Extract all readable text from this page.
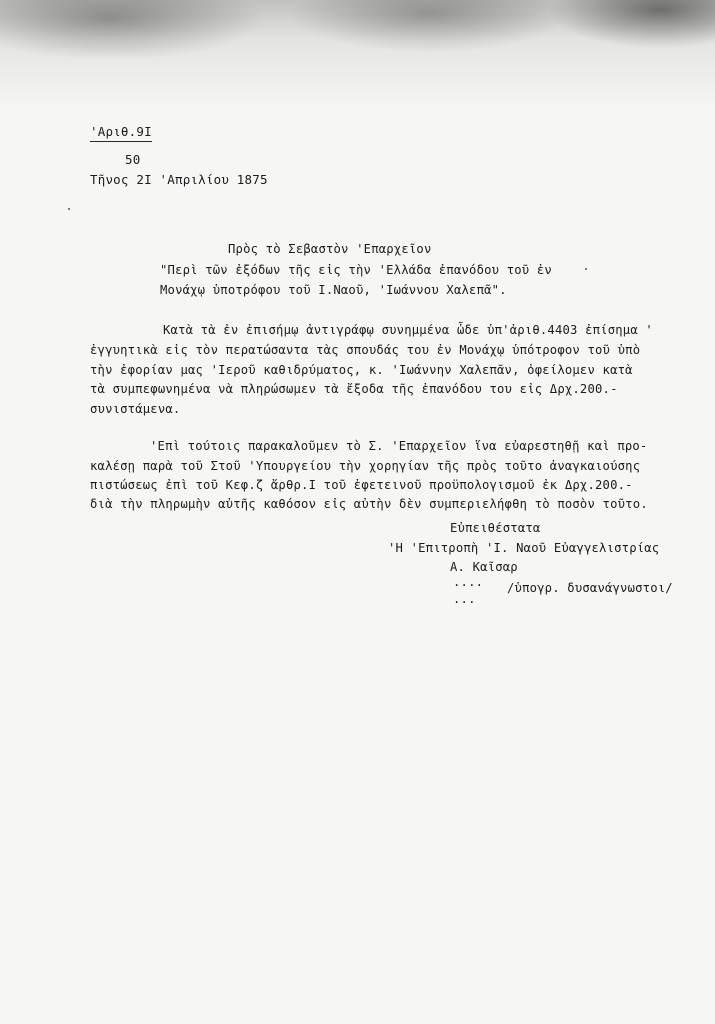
'Αριθ.9I
50
Τῆνος 2I 'Απριλίου 1875
Πρὸς τὸ Σεβαστὸν 'Επαρχεῖον
"Περὶ τῶν ἐξόδων τῆς εἰς τὴν 'Ελλάδα ἐπανόδου τοῦ ἐν
Μονάχῳ ὑποτρόφου τοῦ Ι.Ναοῦ, 'Ιωάννου Χαλεπᾶ".
Κατὰ τὰ ἐν ἐπισήμῳ ἀντιγράφῳ συνημμένα ὧδε ὑπ'ἀριθ.4403 ἐπίσημα '
ἐγγυητικὰ εἰς τὸν περατώσαντα τὰς σπουδάς του ἐν Μονάχῳ ὑπότροφον τοῦ ὑπὸ
τὴν ἐφορίαν μας 'Ιεροῦ καθιδρύματος, κ. 'Ιωάννην Χαλεπᾶν, ὀφείλομεν κατὰ
τὰ συμπεφωνημένα νὰ πληρώσωμεν τὰ ἔξοδα τῆς ἐπανόδου του εἰς Δρχ.200.-
συνιστάμενα.
'Επὶ τούτοις παρακαλοῦμεν τὸ Σ. 'Επαρχεῖον ἵνα εὐαρεστηθῇ καὶ προ-
καλέσῃ παρὰ τοῦ Στοῦ 'Υπουργείου τὴν χορηγίαν τῆς πρὸς τοῦτο ἀναγκαιούσης
πιστώσεως ἐπὶ τοῦ Κεφ.ζ ἄρθρ.Ι τοῦ ἐφετεινοῦ προϋπολογισμοῦ ἐκ Δρχ.200.-
διὰ τὴν πληρωμὴν αὐτῆς καθόσον εἰς αὐτὴν δὲν συμπεριελήφθη τὸ ποσὸν τοῦτο.
Εὐπειθέστατα
'Η 'Επιτροπὴ 'Ι. Ναοῦ Εὐαγγελιστρίας
Α. Καῖσαρ
.... /ὑπογρ. δυσανάγνωστοι/
...
